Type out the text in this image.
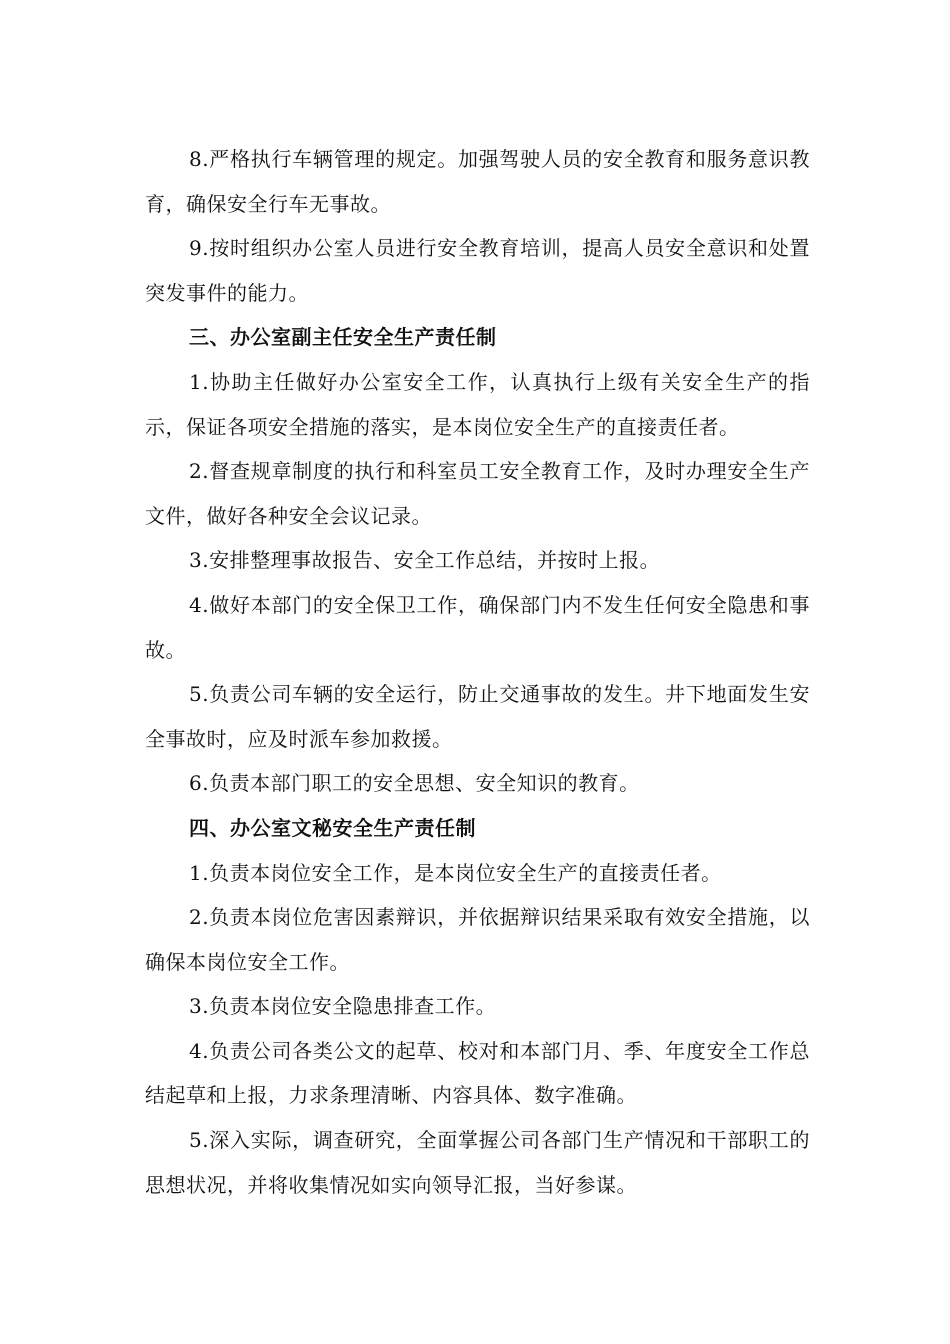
8.严格执行车辆管理的规定。加强驾驶人员的安全教育和服务意识教育，确保安全行车无事故。

9.按时组织办公室人员进行安全教育培训，提高人员安全意识和处置突发事件的能力。

三、办公室副主任安全生产责任制

1.协助主任做好办公室安全工作，认真执行上级有关安全生产的指示，保证各项安全措施的落实，是本岗位安全生产的直接责任者。

2.督查规章制度的执行和科室员工安全教育工作，及时办理安全生产文件，做好各种安全会议记录。

3.安排整理事故报告、安全工作总结，并按时上报。

4.做好本部门的安全保卫工作，确保部门内不发生任何安全隐患和事故。

5.负责公司车辆的安全运行，防止交通事故的发生。井下地面发生安全事故时，应及时派车参加救援。

6.负责本部门职工的安全思想、安全知识的教育。

四、办公室文秘安全生产责任制

1.负责本岗位安全工作，是本岗位安全生产的直接责任者。

2.负责本岗位危害因素辩识，并依据辩识结果采取有效安全措施，以确保本岗位安全工作。

3.负责本岗位安全隐患排查工作。

4.负责公司各类公文的起草、校对和本部门月、季、年度安全工作总结起草和上报，力求条理清晰、内容具体、数字准确。

5.深入实际，调查研究，全面掌握公司各部门生产情况和干部职工的思想状况，并将收集情况如实向领导汇报，当好参谋。
